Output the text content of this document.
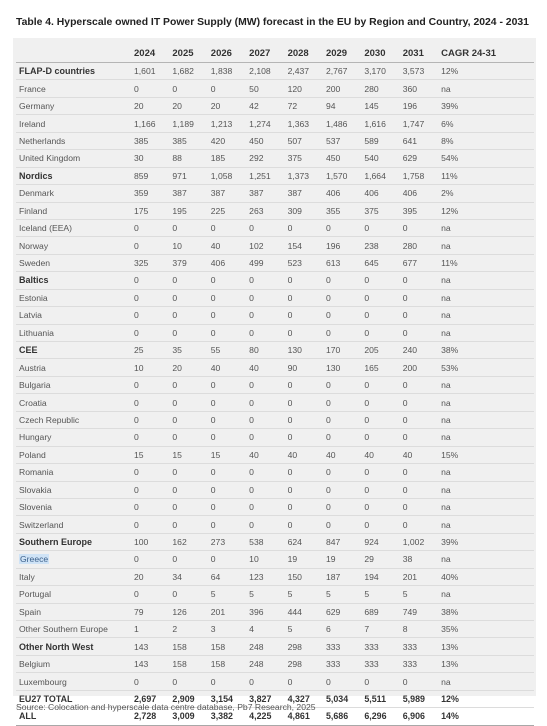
Table 4. Hyperscale owned IT Power Supply (MW) forecast in the EU by Region and Country, 2024 - 2031
	2024	2025	2026	2027	2028	2029	2030	2031	CAGR 24-31
FLAP-D countries	1,601	1,682	1,838	2,108	2,437	2,767	3,170	3,573	12%
France	0	0	0	50	120	200	280	360	na
Germany	20	20	20	42	72	94	145	196	39%
Ireland	1,166	1,189	1,213	1,274	1,363	1,486	1,616	1,747	6%
Netherlands	385	385	420	450	507	537	589	641	8%
United Kingdom	30	88	185	292	375	450	540	629	54%
Nordics	859	971	1,058	1,251	1,373	1,570	1,664	1,758	11%
Denmark	359	387	387	387	387	406	406	406	2%
Finland	175	195	225	263	309	355	375	395	12%
Iceland (EEA)	0	0	0	0	0	0	0	0	na
Norway	0	10	40	102	154	196	238	280	na
Sweden	325	379	406	499	523	613	645	677	11%
Baltics	0	0	0	0	0	0	0	0	na
Estonia	0	0	0	0	0	0	0	0	na
Latvia	0	0	0	0	0	0	0	0	na
Lithuania	0	0	0	0	0	0	0	0	na
CEE	25	35	55	80	130	170	205	240	38%
Austria	10	20	40	40	90	130	165	200	53%
Bulgaria	0	0	0	0	0	0	0	0	na
Croatia	0	0	0	0	0	0	0	0	na
Czech Republic	0	0	0	0	0	0	0	0	na
Hungary	0	0	0	0	0	0	0	0	na
Poland	15	15	15	40	40	40	40	40	15%
Romania	0	0	0	0	0	0	0	0	na
Slovakia	0	0	0	0	0	0	0	0	na
Slovenia	0	0	0	0	0	0	0	0	na
Switzerland	0	0	0	0	0	0	0	0	na
Southern Europe	100	162	273	538	624	847	924	1,002	39%
Greece	0	0	0	10	19	19	29	38	na
Italy	20	34	64	123	150	187	194	201	40%
Portugal	0	0	5	5	5	5	5	5	na
Spain	79	126	201	396	444	629	689	749	38%
Other Southern Europe	1	2	3	4	5	6	7	8	35%
Other North West	143	158	158	248	298	333	333	333	13%
Belgium	143	158	158	248	298	333	333	333	13%
Luxembourg	0	0	0	0	0	0	0	0	na
EU27 TOTAL	2,697	2,909	3,154	3,827	4,327	5,034	5,511	5,989	12%
ALL	2,728	3,009	3,382	4,225	4,861	5,686	6,296	6,906	14%
Source: Colocation and hyperscale data centre database, Pb7 Research, 2025
